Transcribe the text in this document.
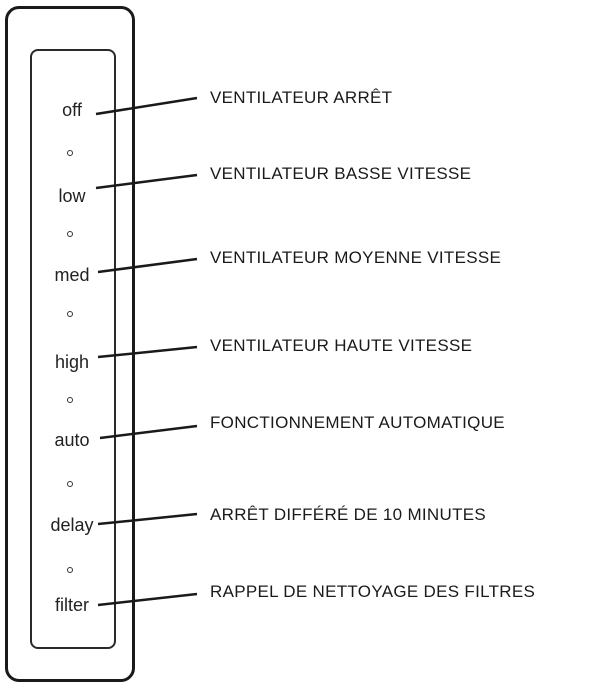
off
low
med
high
auto
delay
filter
VENTILATEUR ARRÊT
VENTILATEUR BASSE VITESSE
VENTILATEUR MOYENNE VITESSE
VENTILATEUR HAUTE VITESSE
FONCTIONNEMENT AUTOMATIQUE
ARRÊT DIFFÉRÉ DE 10 MINUTES
RAPPEL DE NETTOYAGE DES FILTRES
